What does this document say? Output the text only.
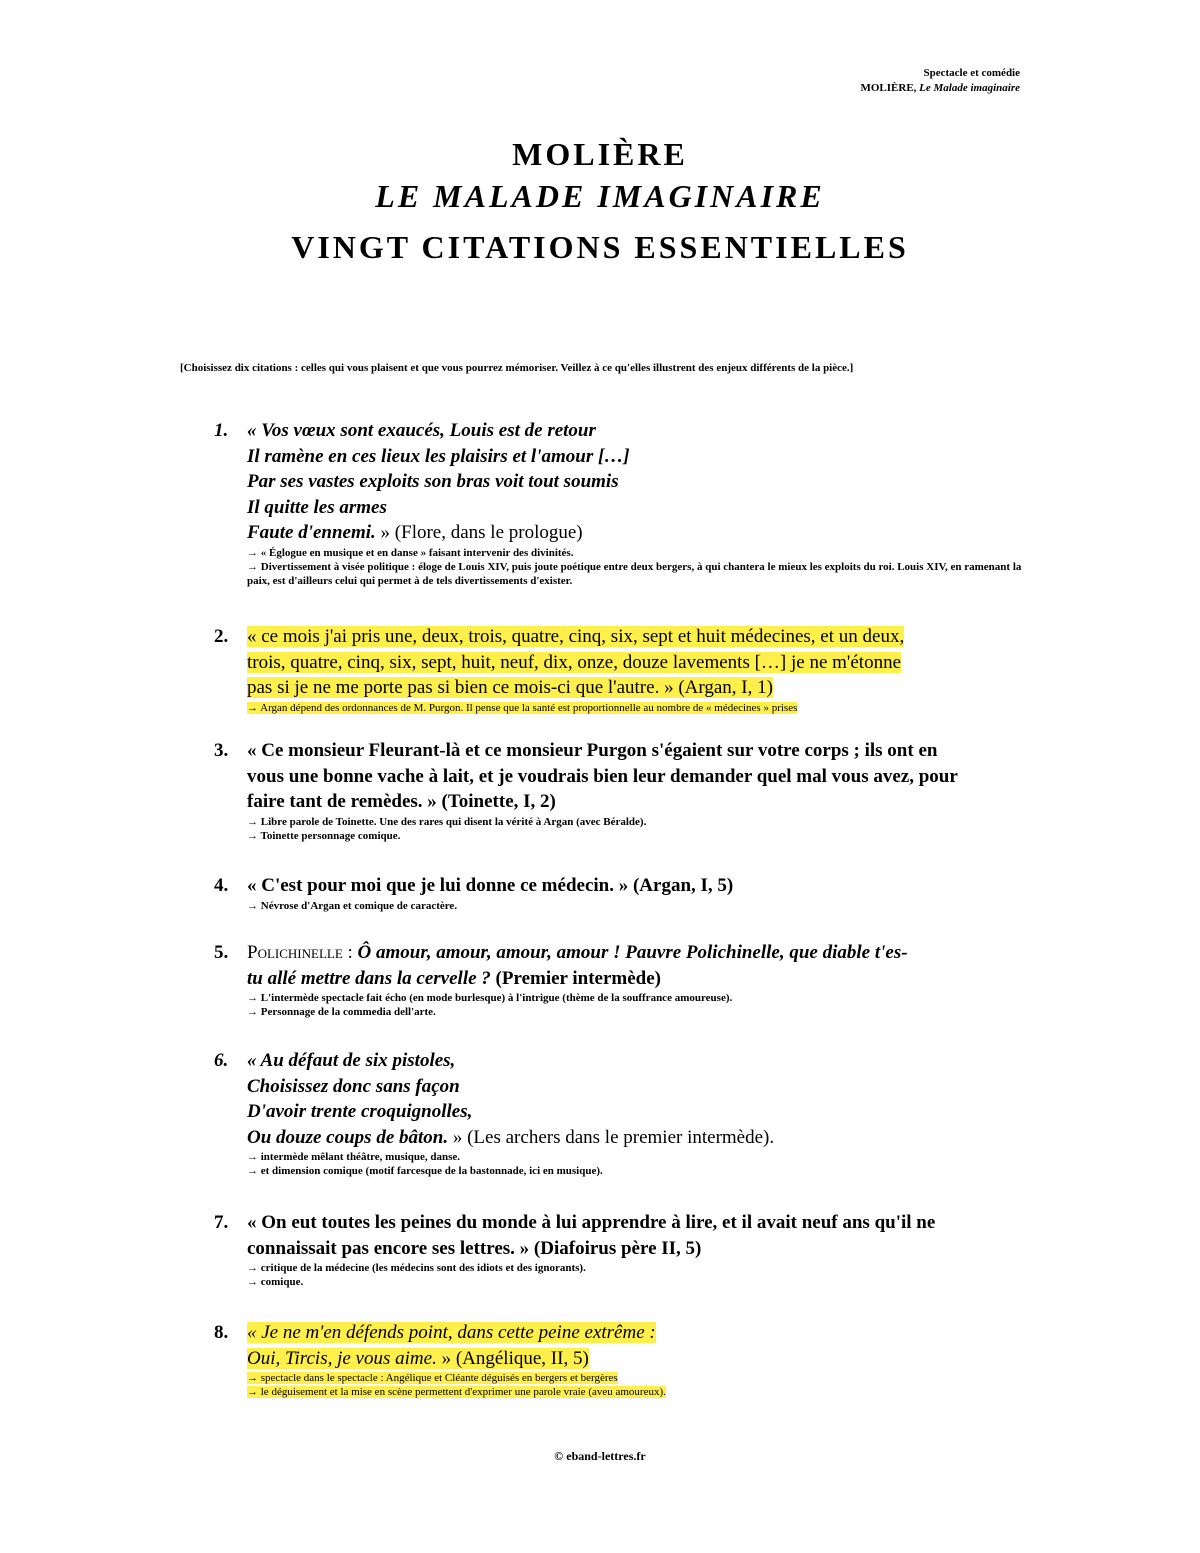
Spectacle et comédie
MOLIÈRE, Le Malade imaginaire
MOLIÈRE
LE MALADE IMAGINAIRE
VINGT CITATIONS ESSENTIELLES
[Choisissez dix citations : celles qui vous plaisent et que vous pourrez mémoriser. Veillez à ce qu'elles illustrent des enjeux différents de la pièce.]
1. « Vos vœux sont exaucés, Louis est de retour
Il ramène en ces lieux les plaisirs et l'amour […]
Par ses vastes exploits son bras voit tout soumis
Il quitte les armes
Faute d'ennemi. » (Flore, dans le prologue)
→ « Églogue en musique et en danse » faisant intervenir des divinités.
→ Divertissement à visée politique : éloge de Louis XIV, puis joute poétique entre deux bergers, à qui chantera le mieux les exploits du roi. Louis XIV, en ramenant la paix, est d'ailleurs celui qui permet à de tels divertissements d'exister.
2. « ce mois j'ai pris une, deux, trois, quatre, cinq, six, sept et huit médecines, et un deux,
trois, quatre, cinq, six, sept, huit, neuf, dix, onze, douze lavements […] je ne m'étonne
pas si je ne me porte pas si bien ce mois-ci que l'autre. » (Argan, I, 1)
→ Argan dépend des ordonnances de M. Purgon. Il pense que la santé est proportionnelle au nombre de « médecines » prises
3. « Ce monsieur Fleurant-là et ce monsieur Purgon s'égaient sur votre corps ; ils ont en
vous une bonne vache à lait, et je voudrais bien leur demander quel mal vous avez, pour
faire tant de remèdes. » (Toinette, I, 2)
→ Libre parole de Toinette. Une des rares qui disent la vérité à Argan (avec Béralde).
→ Toinette personnage comique.
4. « C'est pour moi que je lui donne ce médecin. » (Argan, I, 5)
→ Névrose d'Argan et comique de caractère.
5. Polichinelle : Ô amour, amour, amour, amour ! Pauvre Polichinelle, que diable t'es-
tu allé mettre dans la cervelle ? (Premier intermède)
→ L'intermède spectacle fait écho (en mode burlesque) à l'intrigue (thème de la souffrance amoureuse).
→ Personnage de la commedia dell'arte.
6. « Au défaut de six pistoles,
Choisissez donc sans façon
D'avoir trente croquignolles,
Ou douze coups de bâton. » (Les archers dans le premier intermède).
→ intermède mêlant théâtre, musique, danse.
→ et dimension comique (motif farcesque de la bastonnade, ici en musique).
7. « On eut toutes les peines du monde à lui apprendre à lire, et il avait neuf ans qu'il ne
connaissait pas encore ses lettres. » (Diafoirus père II, 5)
→ critique de la médecine (les médecins sont des idiots et des ignorants).
→ comique.
8. « Je ne m'en défends point, dans cette peine extrême :
Oui, Tircis, je vous aime. » (Angélique, II, 5)
→ spectacle dans le spectacle : Angélique et Cléante déguisés en bergers et bergères
→ le déguisement et la mise en scène permettent d'exprimer une parole vraie (aveu amoureux).
© eband-lettres.fr
